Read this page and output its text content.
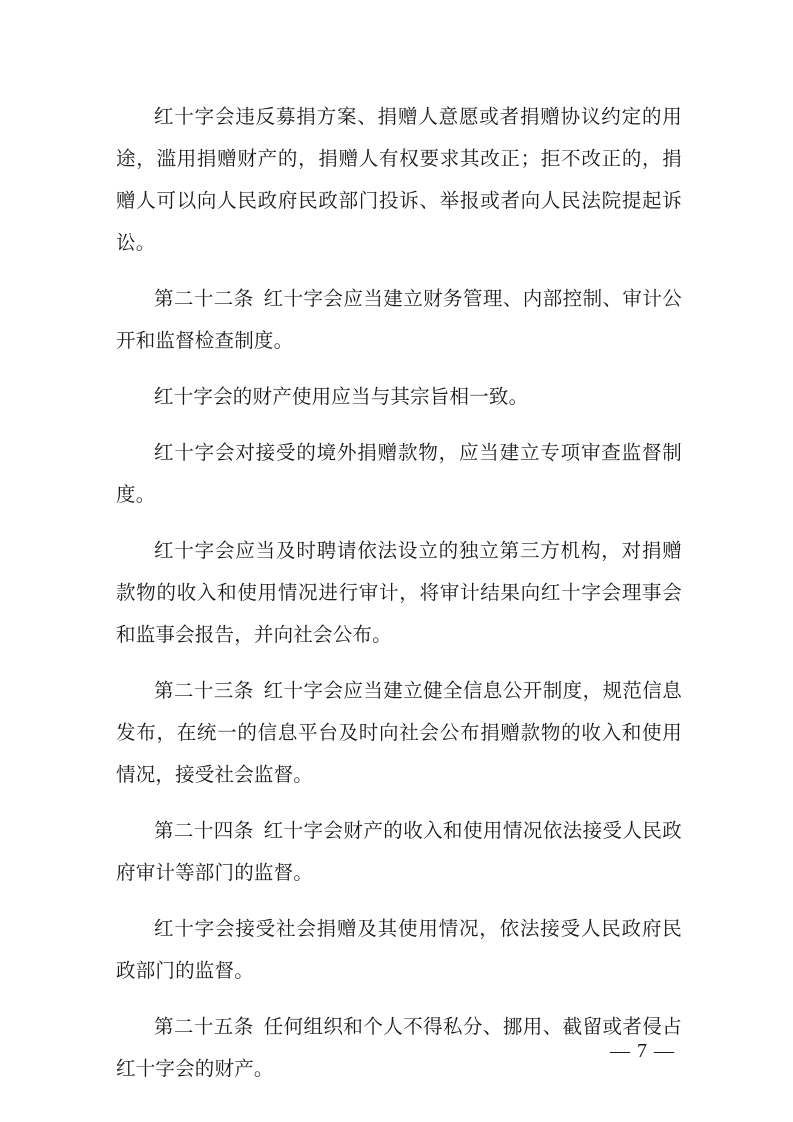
红十字会违反募捐方案、捐赠人意愿或者捐赠协议约定的用途，滥用捐赠财产的，捐赠人有权要求其改正；拒不改正的，捐赠人可以向人民政府民政部门投诉、举报或者向人民法院提起诉讼。

第二十二条 红十字会应当建立财务管理、内部控制、审计公开和监督检查制度。

红十字会的财产使用应当与其宗旨相一致。

红十字会对接受的境外捐赠款物，应当建立专项审查监督制度。

红十字会应当及时聘请依法设立的独立第三方机构，对捐赠款物的收入和使用情况进行审计，将审计结果向红十字会理事会和监事会报告，并向社会公布。

第二十三条 红十字会应当建立健全信息公开制度，规范信息发布，在统一的信息平台及时向社会公布捐赠款物的收入和使用情况，接受社会监督。

第二十四条 红十字会财产的收入和使用情况依法接受人民政府审计等部门的监督。

红十字会接受社会捐赠及其使用情况，依法接受人民政府民政部门的监督。

第二十五条 任何组织和个人不得私分、挪用、截留或者侵占红十字会的财产。

— 7 —
